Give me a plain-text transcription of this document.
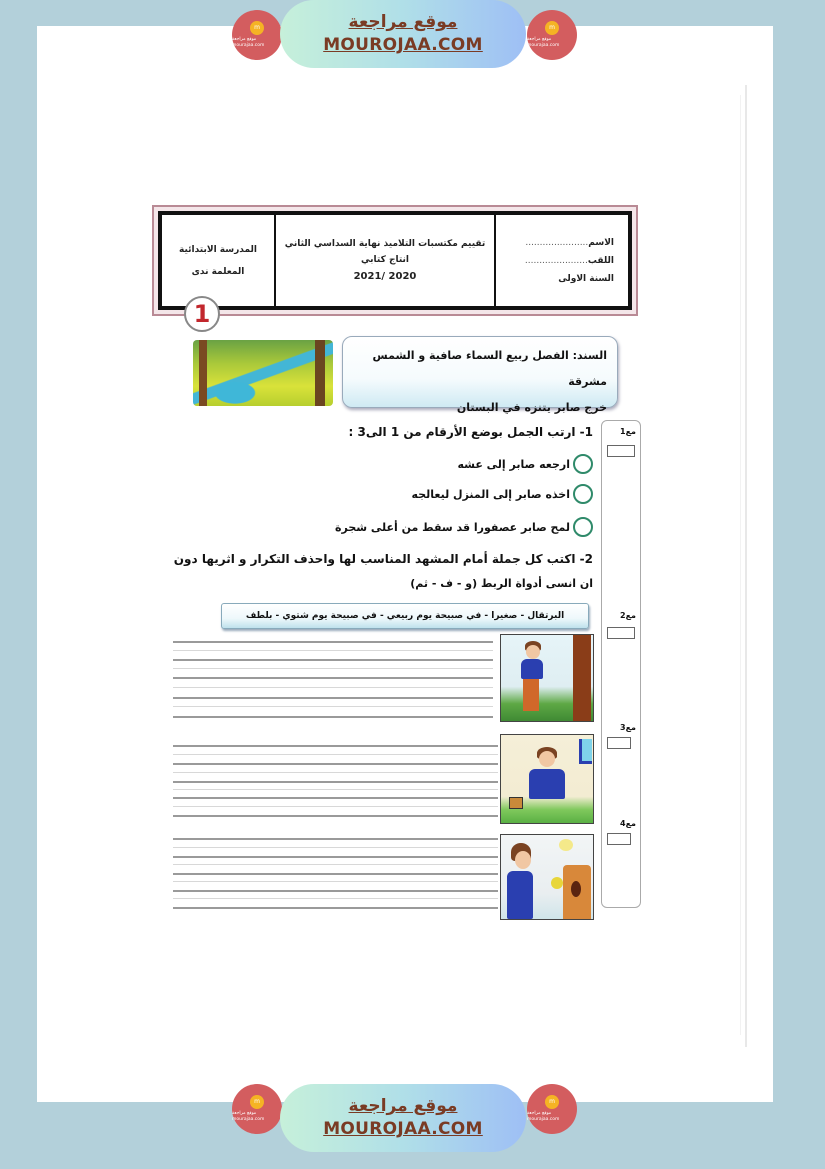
m
موقع مراجعة mourajaa.com
موقع مراجعة
MOUROJAA.COM
m
موقع مراجعة mourajaa.com
المدرسة الابتدائية
المعلمة ندى
تقييم مكتسبات التلاميذ نهاية السداسي الثاني
انتاج كتابي
2021/ 2020
الاسم......................
اللقب......................
السنة الاولى
1
السند: الفصل ربيع السماء صافية و الشمس مشرقة
خرج صابر يتنزه في البستان
مع1
مع2
مع3
مع4
1- ارتب الجمل بوضع الأرقام من 1 الى3 :
ارجعه صابر إلى عشه
اخذه صابر إلى المنزل ليعالجه
لمح صابر عصفورا قد سقط من أعلى شجرة
2- اكتب كل جملة أمام المشهد المناسب لها واحذف التكرار و اثريها دون
ان انسى أدواة الربط (و - ف - ثم)
البرتقال - صغيرا - في صبيحة يوم ربيعي - في صبيحة يوم شتوي - بلطف
m
موقع مراجعة mourajaa.com
موقع مراجعة
MOUROJAA.COM
m
موقع مراجعة mourajaa.com
